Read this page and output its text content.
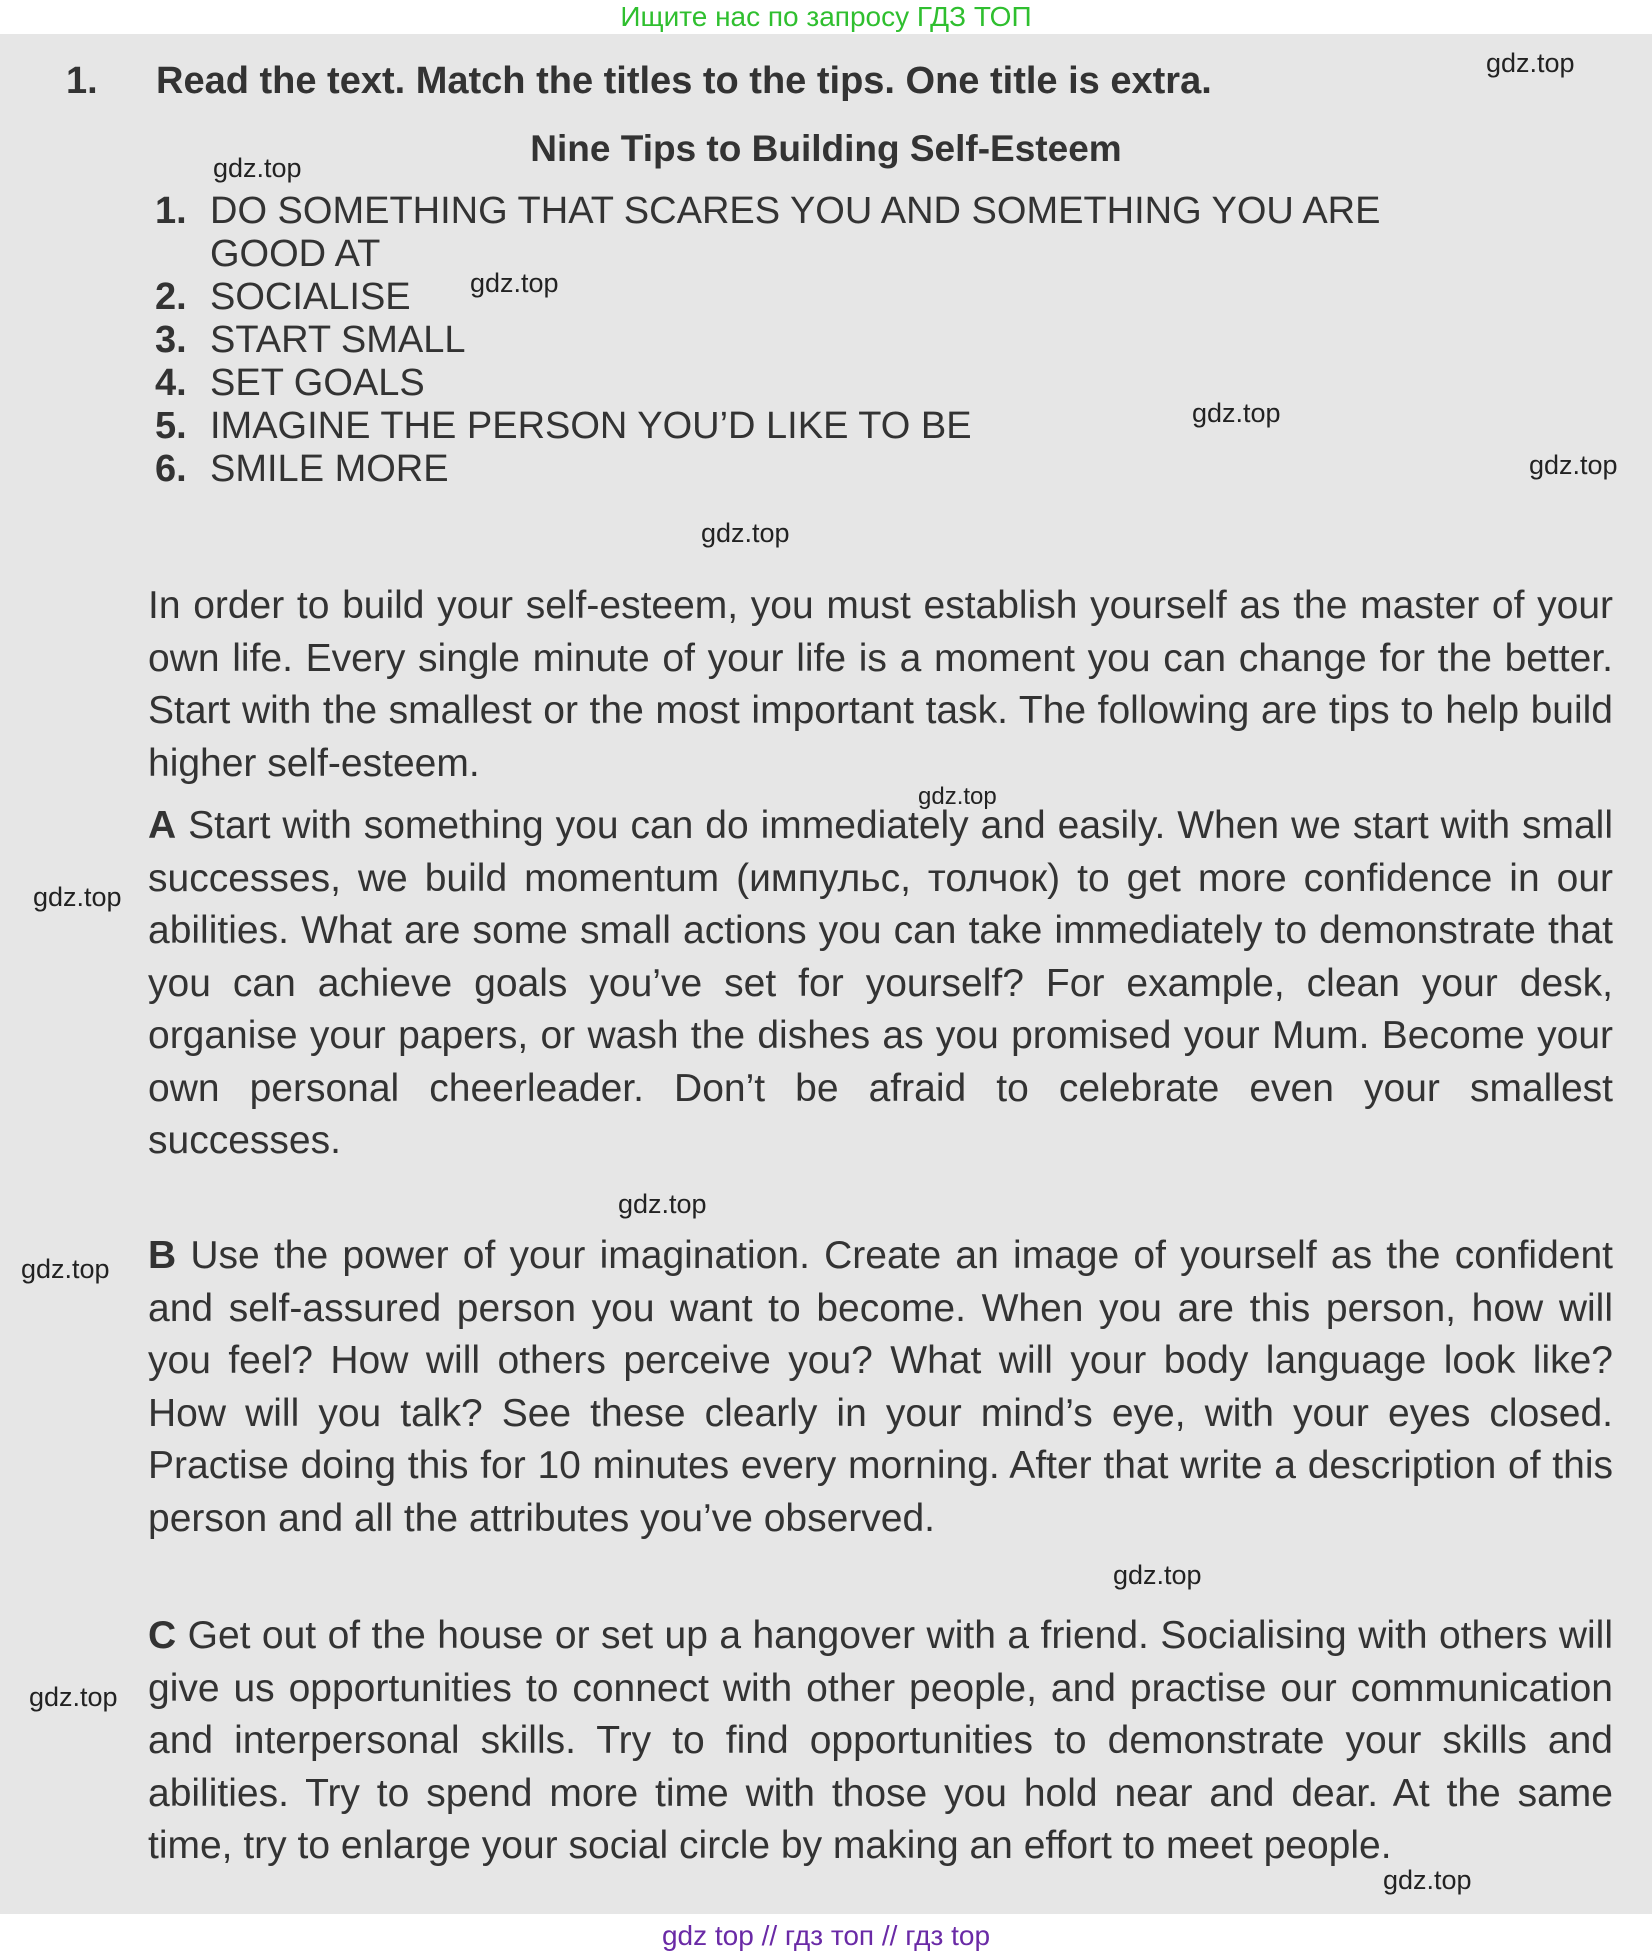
Ищите нас по запросу ГДЗ ТОП
1. Read the text. Match the titles to the tips. One title is extra.
Nine Tips to Building Self-Esteem
1. DO SOMETHING THAT SCARES YOU AND SOMETHING YOU ARE
GOOD AT
2. SOCIALISE
3. START SMALL
4. SET GOALS
5. IMAGINE THE PERSON YOU’D LIKE TO BE
6. SMILE MORE

In order to build your self-esteem, you must establish yourself as the master of your own life. Every single minute of your life is a moment you can change for the better. Start with the smallest or the most important task. The following are tips to help build higher self-esteem.

A Start with something you can do immediately and easily. When we start with small successes, we build momentum (импульс, толчок) to get more confidence in our abilities. What are some small actions you can take immediately to demonstrate that you can achieve goals you’ve set for yourself? For example, clean your desk, organise your papers, or wash the dishes as you promised your Mum. Become your own personal cheerleader. Don’t be afraid to celebrate even your smallest successes.

B Use the power of your imagination. Create an image of yourself as the confident and self-assured person you want to become. When you are this person, how will you feel? How will others perceive you? What will your body language look like? How will you talk? See these clearly in your mind’s eye, with your eyes closed. Practise doing this for 10 minutes every morning. After that write a description of this person and all the attributes you’ve observed.

C Get out of the house or set up a hangover with a friend. Socialising with others will give us opportunities to connect with other people, and practise our communication and interpersonal skills. Try to find opportunities to demonstrate your skills and abilities. Try to spend more time with those you hold near and dear. At the same time, try to enlarge your social circle by making an effort to meet people.

gdz.top
gdz.top
gdz.top
gdz.top
gdz.top
gdz.top
gdz.top
gdz.top
gdz.top
gdz.top
gdz.top
gdz.top
gdz.top
gdz top // гдз топ // гдз top
